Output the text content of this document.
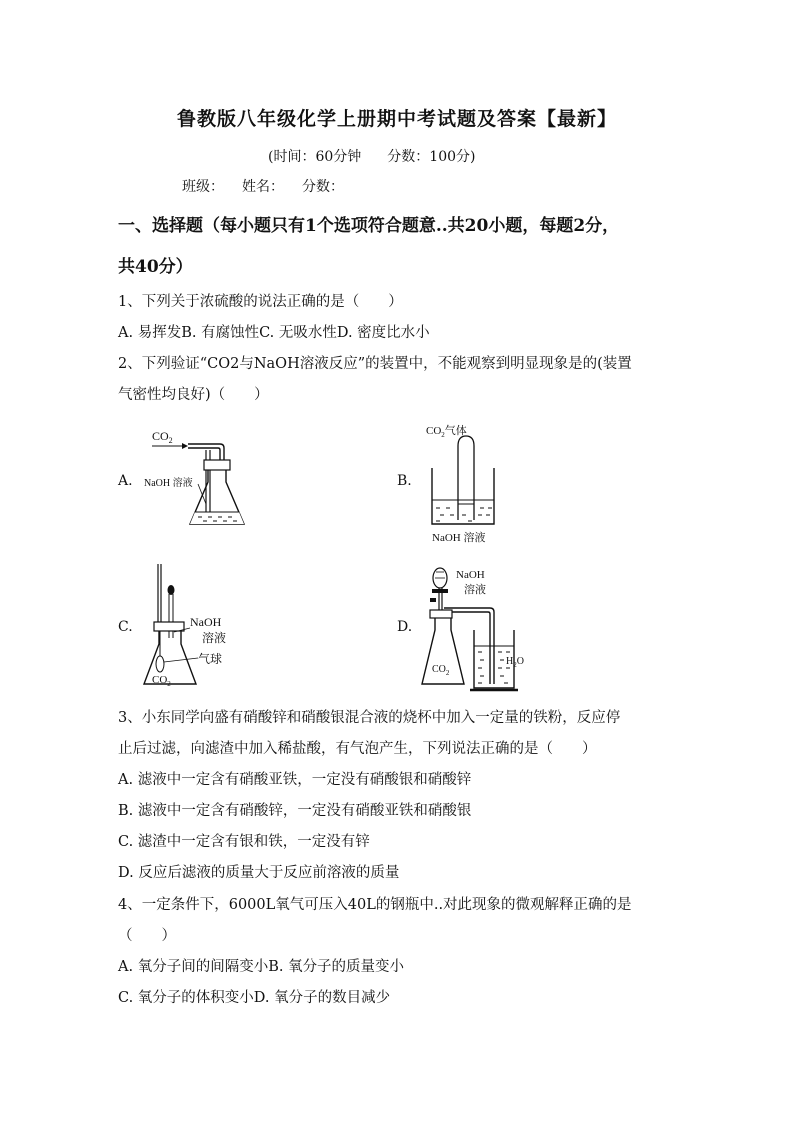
鲁教版八年级化学上册期中考试题及答案【最新】
(时间：60分钟 分数：100分)
班级： 姓名： 分数：
一、选择题（每小题只有1个选项符合题意..共20小题，每题2分，
共40分）
1、下列关于浓硫酸的说法正确的是（　　）
A. 易挥发B. 有腐蚀性C. 无吸水性D. 密度比水小
2、下列验证“CO2与NaOH溶液反应”的装置中，不能观察到明显现象是的(装置
气密性均良好)（　　）
A.	B.
C.	D.
$CO_2$
NaOH 溶液
$CO_2$气体
NaOH 溶液
NaOH
溶液
气球
$CO_2$
NaOH
溶液
$CO_2$
$H_2O$
3、小东同学向盛有硝酸锌和硝酸银混合液的烧杯中加入一定量的铁粉，反应停
止后过滤，向滤渣中加入稀盐酸，有气泡产生，下列说法正确的是（　　）
A. 滤液中一定含有硝酸亚铁，一定没有硝酸银和硝酸锌
B. 滤液中一定含有硝酸锌，一定没有硝酸亚铁和硝酸银
C. 滤渣中一定含有银和铁，一定没有锌
D. 反应后滤液的质量大于反应前溶液的质量
4、一定条件下，6000L氧气可压入40L的钢瓶中..对此现象的微观解释正确的是
（　　）
A. 氧分子间的间隔变小B. 氧分子的质量变小
C. 氧分子的体积变小D. 氧分子的数目减少
